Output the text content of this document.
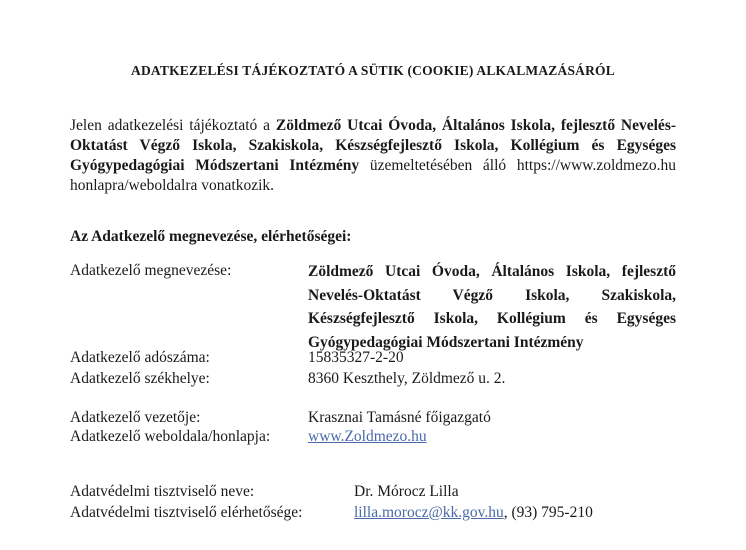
ADATKEZELÉSI TÁJÉKOZTATÓ A SÜTIK (COOKIE) ALKALMAZÁSÁRÓL

Jelen adatkezelési tájékoztató a Zöldmező Utcai Óvoda, Általános Iskola, fejlesztő Nevelés-Oktatást Végző Iskola, Szakiskola, Készségfejlesztő Iskola, Kollégium és Egységes Gyógypedagógiai Módszertani Intézmény üzemeltetésében álló https://www.zoldmezo.hu honlapra/weboldalra vonatkozik.

Az Adatkezelő megnevezése, elérhetőségei:
Adatkezelő megnevezése:	Zöldmező Utcai Óvoda, Általános Iskola, fejlesztő
Nevelés-Oktatást Végző Iskola, Szakiskola,
Készségfejlesztő Iskola, Kollégium és Egységes
Gyógypedagógiai Módszertani Intézmény
Adatkezelő adószáma:	15835327-2-20
Adatkezelő székhelye:	8360 Keszthely, Zöldmező u. 2.
Adatkezelő vezetője:	Krasznai Tamásné főigazgató
Adatkezelő weboldala/honlapja: www.Zoldmezo.hu
Adatvédelmi tisztviselő neve:	Dr. Mórocz Lilla
Adatvédelmi tisztviselő elérhetősége:	lilla.morocz@kk.gov.hu, (93) 795-210
